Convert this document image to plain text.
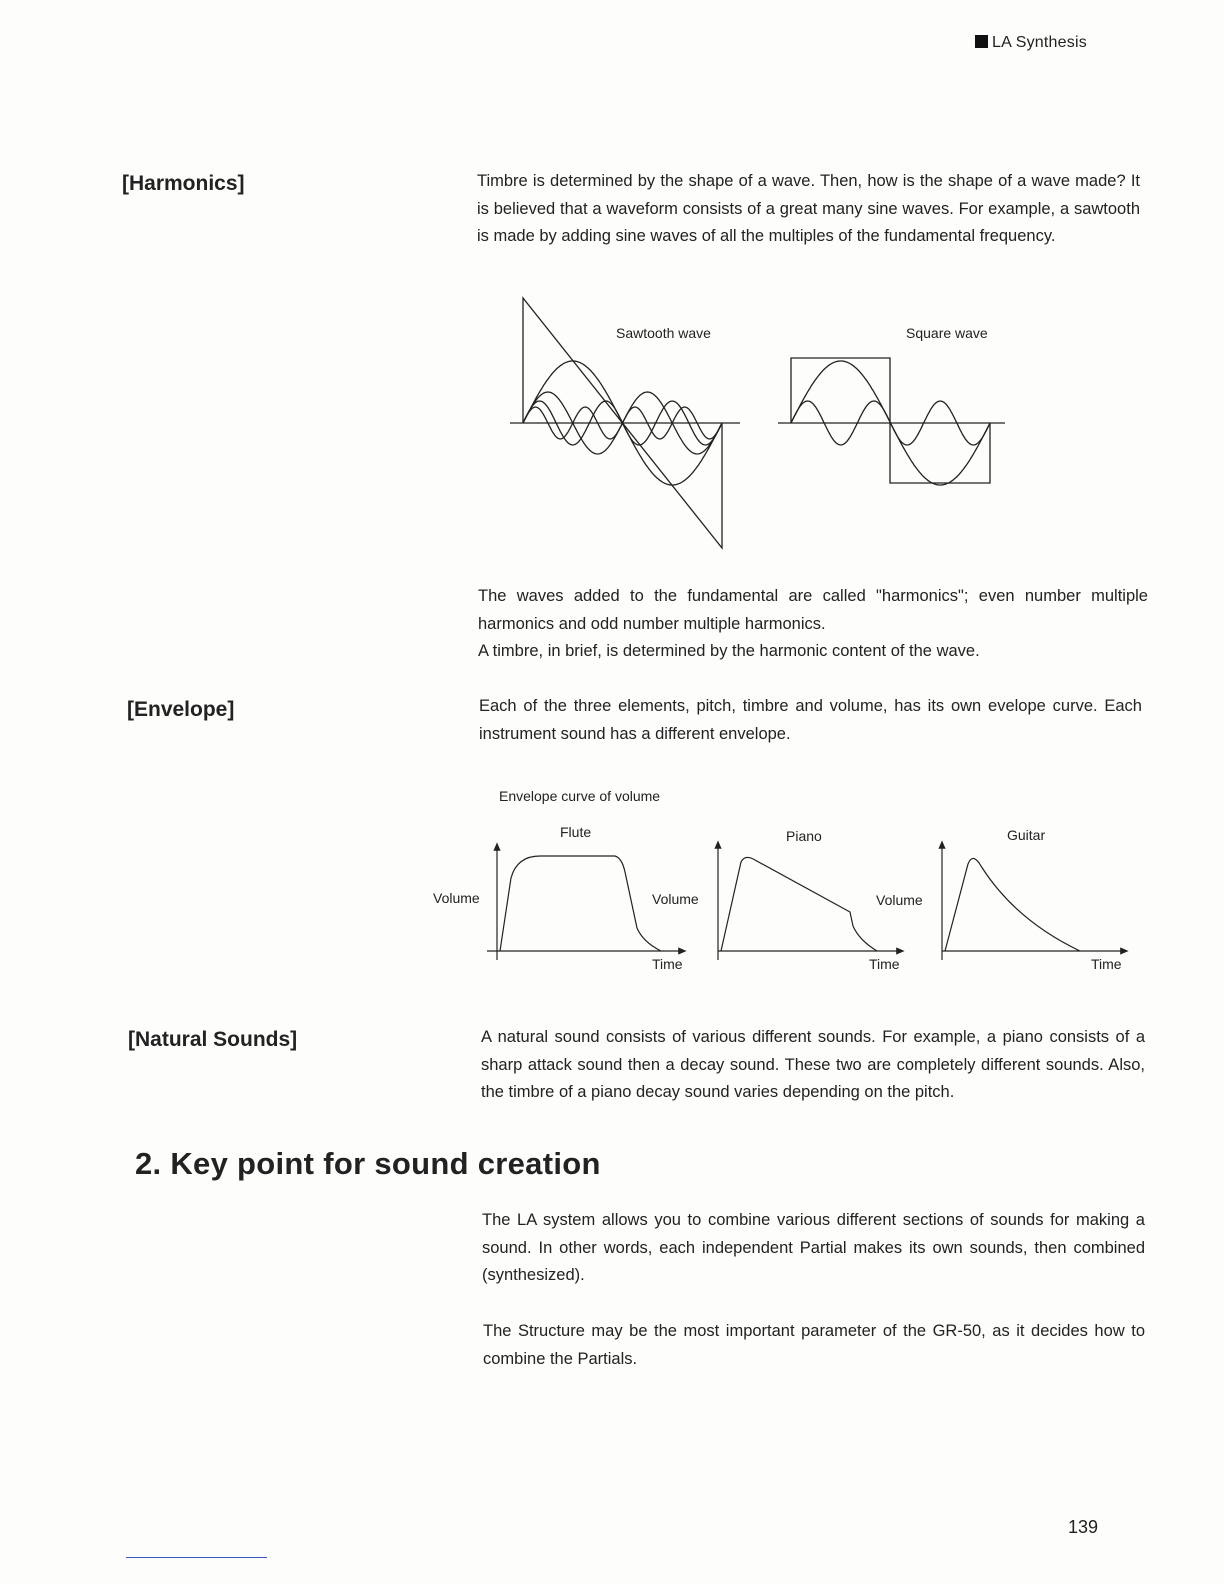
LA Synthesis
[Harmonics]	Timbre is determined by the shape of a wave. Then, how is the shape of a wave made? It is believed that a waveform consists of a great many sine waves. For example, a sawtooth is made by adding sine waves of all the multiples of the fundamental frequency.
Sawtooth wave	Square wave
The waves added to the fundamental are called "harmonics"; even number multiple harmonics and odd number multiple harmonics.
A timbre, in brief, is determined by the harmonic content of the wave.
[Envelope]	Each of the three elements, pitch, timbre and volume, has its own evelope curve. Each instrument sound has a different envelope.
Envelope curve of volume
Flute	Piano	Guitar
Volume	Volume	Volume
Time	Time	Time
[Natural Sounds]	A natural sound consists of various different sounds. For example, a piano consists of a sharp attack sound then a decay sound. These two are completely different sounds. Also, the timbre of a piano decay sound varies depending on the pitch.
2. Key point for sound creation
The LA system allows you to combine various different sections of sounds for making a sound. In other words, each independent Partial makes its own sounds, then combined (synthesized).
The Structure may be the most important parameter of the GR-50, as it decides how to combine the Partials.
139
